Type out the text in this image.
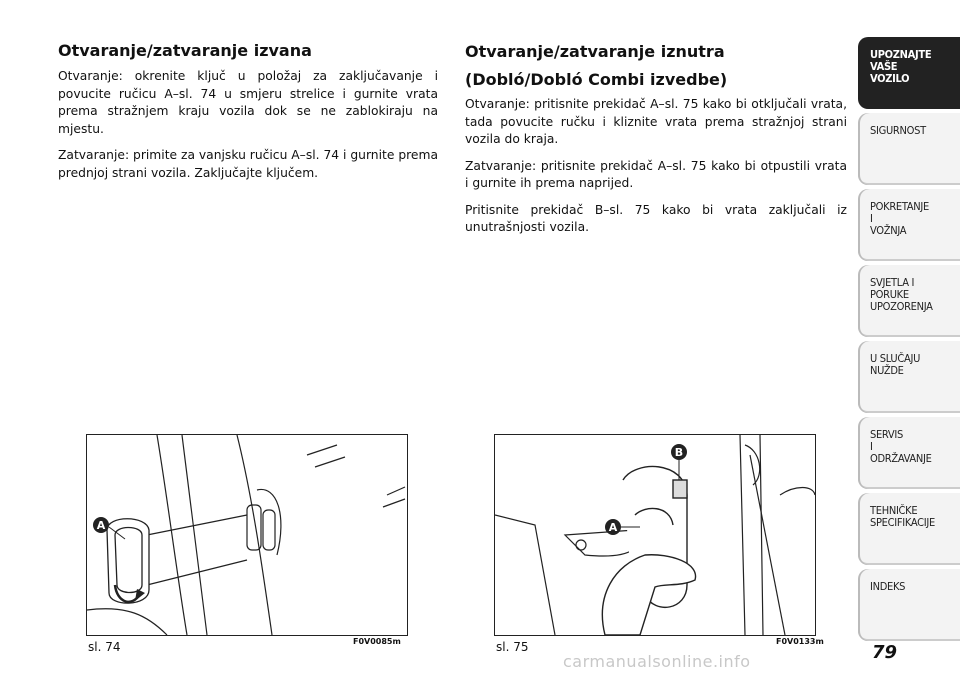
Otvaranje/zatvaranje izvana

Otvaranje: okrenite ključ u položaj za zaključavanje i povucite ručicu A–sl. 74 u smjeru strelice i gurnite vrata prema stražnjem kraju vozila dok se ne zablokiraju na mjestu.

Zatvaranje: primite za vanjsku ručicu A–sl. 74 i gurnite prema prednjoj strani vozila. Zaključajte ključem.

Otvaranje/zatvaranje iznutra
(Dobló/Dobló Combi izvedbe)

Otvaranje: pritisnite prekidač A–sl. 75 kako bi otključali vrata, tada povucite ručku i kliznite vrata prema stražnjoj strani vozila do kraja.

Zatvaranje: pritisnite prekidač A–sl. 75 kako bi otpustili vrata i gurnite ih prema naprijed.

Pritisnite prekidač B–sl. 75 kako bi vrata zaključali iz unutrašnjosti vozila.

UPOZNAJTE
VAŠE
VOZILO
SIGURNOST
POKRETANJE
I
VOŽNJA
SVJETLA I
PORUKE
UPOZORENJA
U SLUČAJU
NUŽDE
SERVIS
I
ODRŽAVANJE
TEHNIČKE
SPECIFIKACIJE
INDEKS
A
sl. 74	F0V0085m
B
A
sl. 75	F0V0133m
79
carmanualsonline.info
